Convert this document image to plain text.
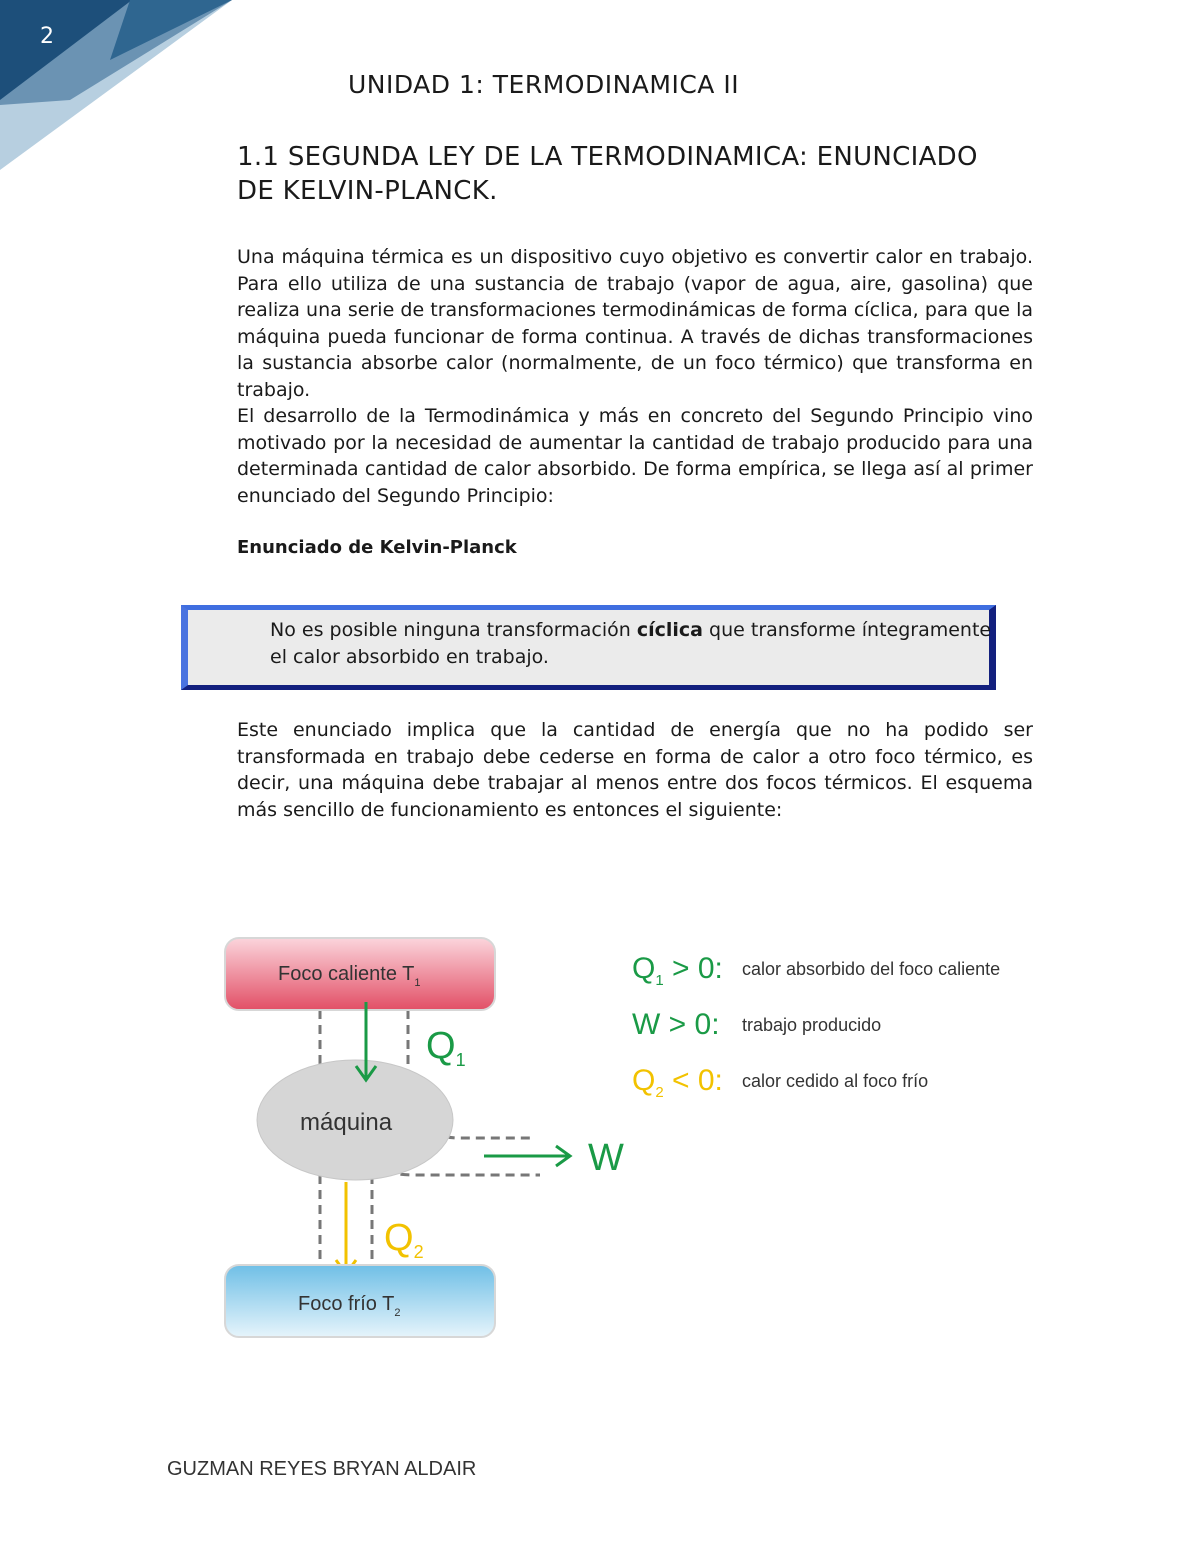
2
UNIDAD 1: TERMODINAMICA II
1.1 SEGUNDA LEY DE LA TERMODINAMICA: ENUNCIADO
DE KELVIN-PLANCK.
Una máquina térmica es un dispositivo cuyo objetivo es convertir calor en trabajo. Para ello utiliza de una sustancia de trabajo (vapor de agua, aire, gasolina) que realiza una serie de transformaciones termodinámicas de forma cíclica, para que la máquina pueda funcionar de forma continua. A través de dichas transformaciones la sustancia absorbe calor (normalmente, de un foco térmico) que transforma en trabajo.
El desarrollo de la Termodinámica y más en concreto del Segundo Principio vino motivado por la necesidad de aumentar la cantidad de trabajo producido para una determinada cantidad de calor absorbido. De forma empírica, se llega así al primer enunciado del Segundo Principio:
Enunciado de Kelvin-Planck
No es posible ninguna transformación cíclica que transforme íntegramente
el calor absorbido en trabajo.
Este enunciado implica que la cantidad de energía que no ha podido ser transformada en trabajo debe cederse en forma de calor a otro foco térmico, es decir, una máquina debe trabajar al menos entre dos focos térmicos. El esquema más sencillo de funcionamiento es entonces el siguiente:
Foco caliente $T_1$
máquina
$Q_1$
W
$Q_2$
Foco frío $T_2$
$Q_1 > 0$: calor absorbido del foco caliente
W > 0: trabajo producido
$Q_2 < 0$: calor cedido al foco frío
GUZMAN REYES BRYAN ALDAIR
